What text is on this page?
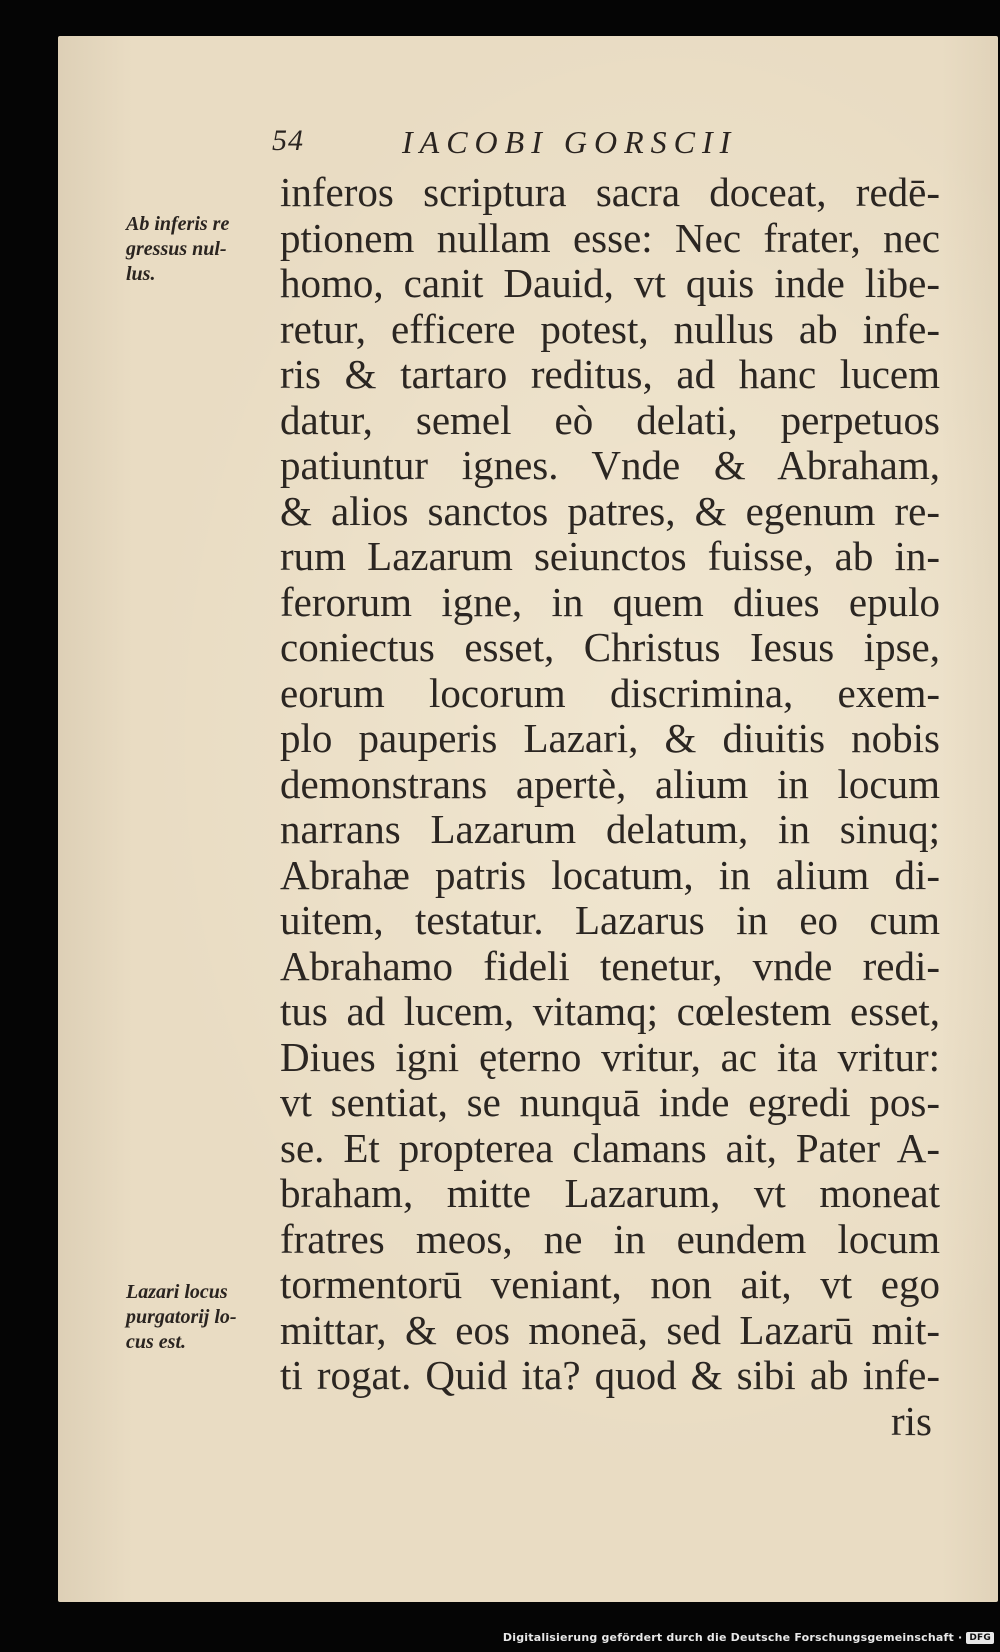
54	IACOBI GORSCII
Ab inferis re
gressus nul-
lus.
Lazari locus
purgatorij lo-
cus est.
inferos scriptura sacra doceat, redē-
ptionem nullam esse: Nec frater, nec
homo, canit Dauid, vt quis inde libe-
retur, efficere potest, nullus ab infe-
ris & tartaro reditus, ad hanc lucem
datur, semel eò delati, perpetuos
patiuntur ignes. Vnde & Abraham,
& alios sanctos patres, & egenum re-
rum Lazarum seiunctos fuisse, ab in-
ferorum igne, in quem diues epulo
coniectus esset, Christus Iesus ipse,
eorum locorum discrimina, exem-
plo pauperis Lazari, & diuitis nobis
demonstrans apertè, alium in locum
narrans Lazarum delatum, in sinuq;
Abrahæ patris locatum, in alium di-
uitem, testatur. Lazarus in eo cum
Abrahamo fideli tenetur, vnde redi-
tus ad lucem, vitamq; cœlestem esset,
Diues igni ęterno vritur, ac ita vritur:
vt sentiat, se nunquā inde egredi pos-
se. Et propterea clamans ait, Pater A-
braham, mitte Lazarum, vt moneat
fratres meos, ne in eundem locum
tormentorū veniant, non ait, vt ego
mittar, & eos moneā, sed Lazarū mit-
ti rogat. Quid ita? quod & sibi ab infe-
ris
Digitalisierung gefördert durch die Deutsche Forschungsgemeinschaft · DFG
